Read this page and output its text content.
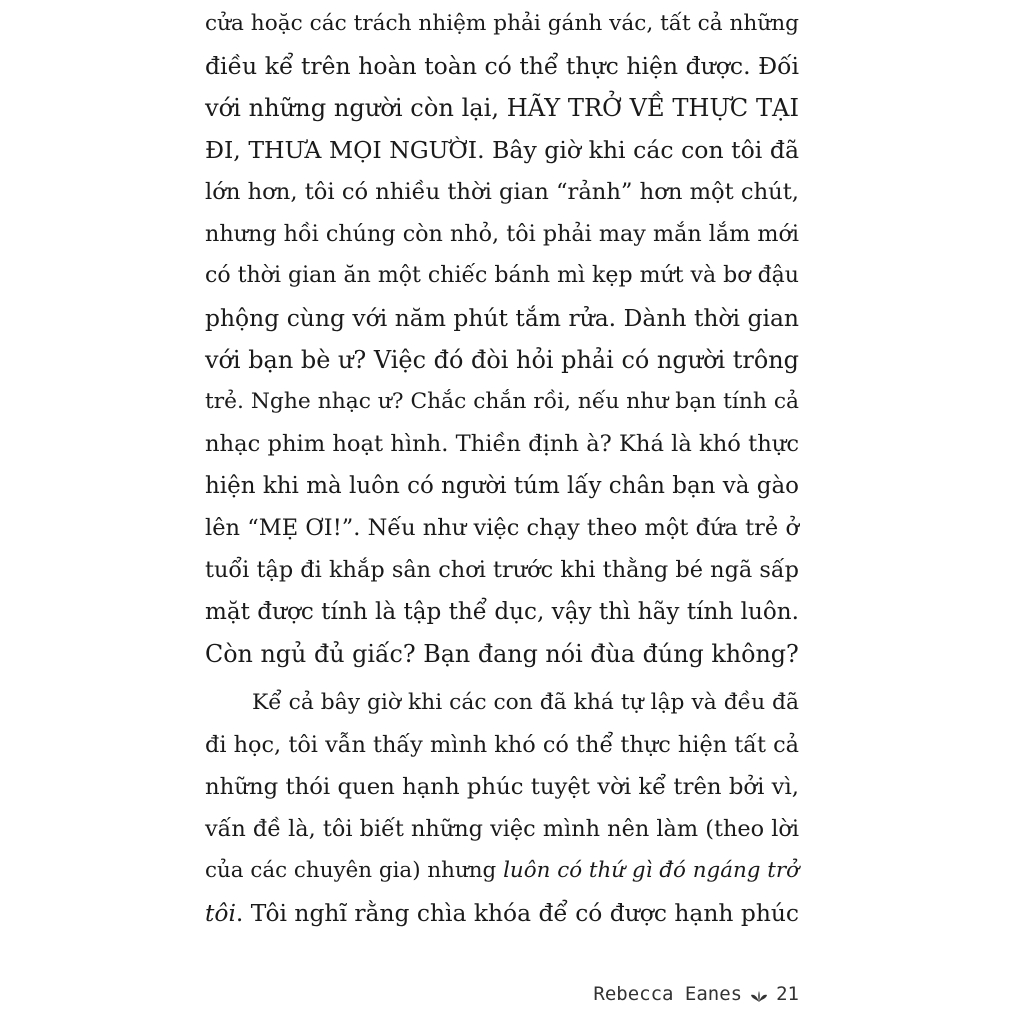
cửa hoặc các trách nhiệm phải gánh vác, tất cả những
điều kể trên hoàn toàn có thể thực hiện được. Đối
với những người còn lại, HÃY TRỞ VỀ THỰC TẠI
ĐI, THƯA MỌI NGƯỜI. Bây giờ khi các con tôi đã
lớn hơn, tôi có nhiều thời gian “rảnh” hơn một chút,
nhưng hồi chúng còn nhỏ, tôi phải may mắn lắm mới
có thời gian ăn một chiếc bánh mì kẹp mứt và bơ đậu
phộng cùng với năm phút tắm rửa. Dành thời gian
với bạn bè ư? Việc đó đòi hỏi phải có người trông
trẻ. Nghe nhạc ư? Chắc chắn rồi, nếu như bạn tính cả
nhạc phim hoạt hình. Thiền định à? Khá là khó thực
hiện khi mà luôn có người túm lấy chân bạn và gào
lên “MẸ ƠI!”. Nếu như việc chạy theo một đứa trẻ ở
tuổi tập đi khắp sân chơi trước khi thằng bé ngã sấp
mặt được tính là tập thể dục, vậy thì hãy tính luôn.
Còn ngủ đủ giấc? Bạn đang nói đùa đúng không?
Kể cả bây giờ khi các con đã khá tự lập và đều đã
đi học, tôi vẫn thấy mình khó có thể thực hiện tất cả
những thói quen hạnh phúc tuyệt vời kể trên bởi vì,
vấn đề là, tôi biết những việc mình nên làm (theo lời
của các chuyên gia) nhưng luôn có thứ gì đó ngáng trở
tôi. Tôi nghĩ rằng chìa khóa để có được hạnh phúc
Rebecca Eanes 21
